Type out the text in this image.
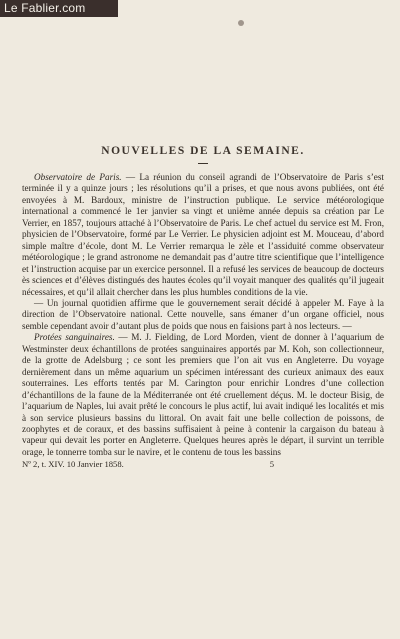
Le Fablier.com
NOUVELLES DE LA SEMAINE.

Observatoire de Paris. — La réunion du conseil agrandi de l’Observatoire de Paris s’est terminée il y a quinze jours ; les résolutions qu’il a prises, et que nous avons publiées, ont été envoyées à M. Bardoux, ministre de l’instruction publique. Le service météorologique international a commencé le 1er janvier sa vingt et unième année depuis sa création par Le Verrier, en 1857, toujours attaché à l’Observatoire de Paris. Le chef actuel du service est M. Fron, physicien de l’Observatoire, formé par Le Verrier. Le physicien adjoint est M. Mouceau, d’abord simple maître d’école, dont M. Le Verrier remarqua le zèle et l’assiduité comme observateur météorologique ; le grand astronome ne demandait pas d’autre titre scientifique que l’intelligence et l’instruction acquise par un exercice personnel. Il a refusé les services de beaucoup de docteurs ès sciences et d’élèves distingués des hautes écoles qu’il voyait manquer des qualités qu’il jugeait nécessaires, et qu’il allait chercher dans les plus humbles conditions de la vie.

— Un journal quotidien affirme que le gouvernement serait décidé à appeler M. Faye à la direction de l’Observatoire national. Cette nouvelle, sans émaner d’un organe officiel, nous semble cependant avoir d’autant plus de poids que nous en faisions part à nos lecteurs. —

Protées sanguinaires. — M. J. Fielding, de Lord Morden, vient de donner à l’aquarium de Westminster deux échantillons de protées sanguinaires apportés par M. Koh, son collectionneur, de la grotte de Adelsburg ; ce sont les premiers que l’on ait vus en Angleterre. Du voyage dernièrement dans un même aquarium un spécimen intéressant des curieux animaux des eaux souterraines. Les efforts tentés par M. Carington pour enrichir Londres d’une collection d’échantillons de la faune de la Méditerranée ont été cruellement déçus. M. le docteur Bisig, de l’aquarium de Naples, lui avait prêté le concours le plus actif, lui avait indiqué les localités et mis à son service plusieurs bassins du littoral. On avait fait une belle collection de poissons, de zoophytes et de coraux, et des bassins suffisaient à peine à contenir la cargaison du bateau à vapeur qui devait les porter en Angleterre. Quelques heures après le départ, il survint un terrible orage, le tonnerre tomba sur le navire, et le contenu de tous les bassins

Nº 2, t. XIV. 10 Janvier 1858.	5
